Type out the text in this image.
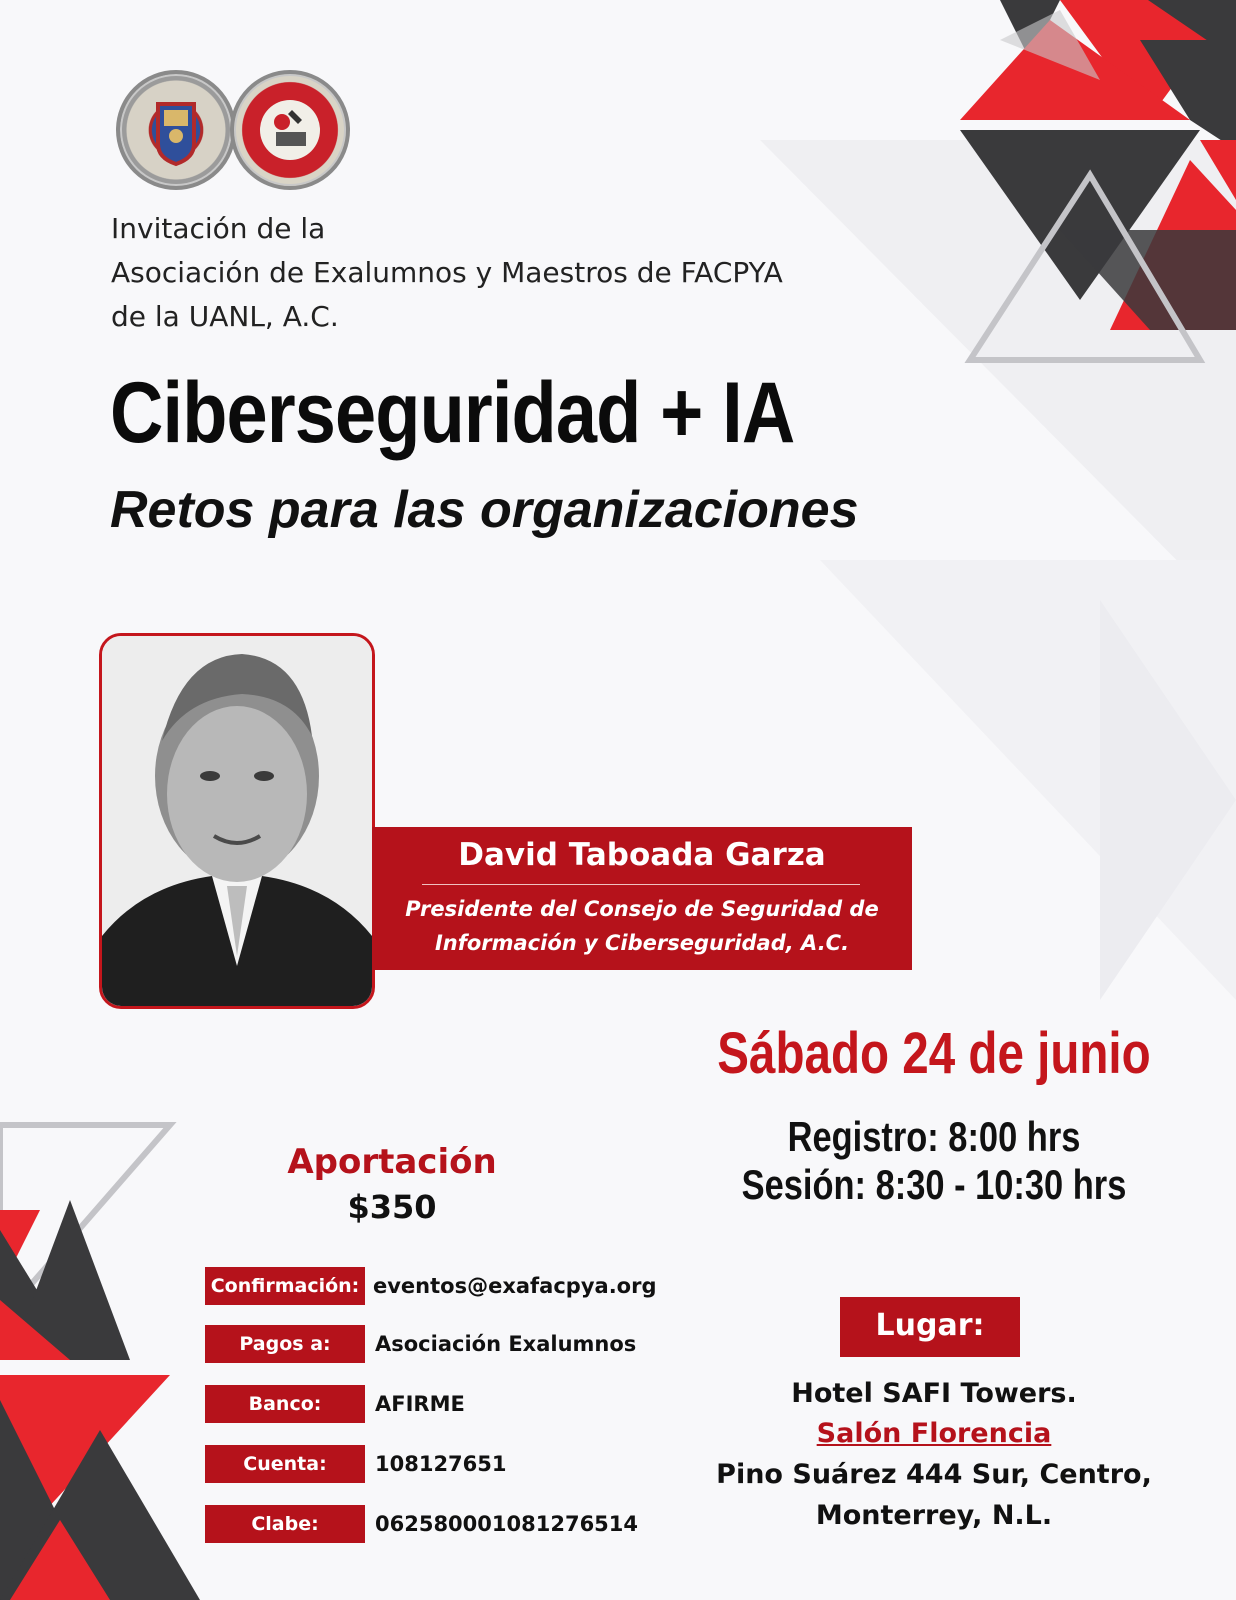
Invitación de la
Asociación de Exalumnos y Maestros de FACPYA
de la UANL, A.C.
Ciberseguridad + IA
Retos para las organizaciones
David Taboada Garza
Presidente del Consejo de Seguridad de
Información y Ciberseguridad, A.C.
Sábado 24 de junio
Registro: 8:00 hrs
Sesión: 8:30 - 10:30 hrs
Aportación
$350
Confirmación: eventos@exafacpya.org
Pagos a:	Asociación Exalumnos
Banco:	AFIRME
Cuenta:	108127651
Clabe:	062580001081276514
Lugar:
Hotel SAFI Towers.
Salón Florencia
Pino Suárez 444 Sur, Centro,
Monterrey, N.L.
